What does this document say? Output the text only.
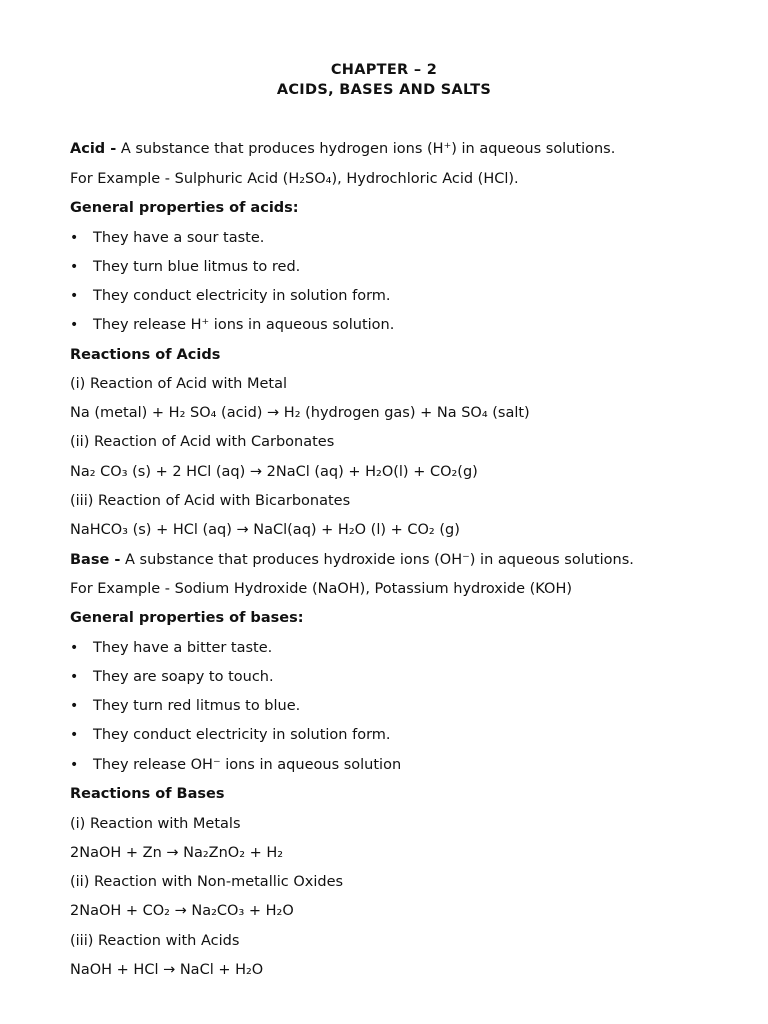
CHAPTER – 2
ACIDS, BASES AND SALTS
Acid - A substance that produces hydrogen ions (H⁺) in aqueous solutions.
For Example - Sulphuric Acid (H₂SO₄), Hydrochloric Acid (HCl).
General properties of acids:
• They have a sour taste.
• They turn blue litmus to red.
• They conduct electricity in solution form.
• They release H⁺ ions in aqueous solution.
Reactions of Acids
(i) Reaction of Acid with Metal
Na (metal) + H₂ SO₄ (acid) → H₂ (hydrogen gas) + Na SO₄ (salt)
(ii) Reaction of Acid with Carbonates
Na₂ CO₃ (s) + 2 HCl (aq) → 2NaCl (aq) + H₂O(l) + CO₂(g)
(iii) Reaction of Acid with Bicarbonates
NaHCO₃ (s) + HCl (aq) → NaCl(aq) + H₂O (l) + CO₂ (g)
Base - A substance that produces hydroxide ions (OH⁻) in aqueous solutions.
For Example - Sodium Hydroxide (NaOH), Potassium hydroxide (KOH)
General properties of bases:
• They have a bitter taste.
• They are soapy to touch.
• They turn red litmus to blue.
• They conduct electricity in solution form.
• They release OH⁻ ions in aqueous solution
Reactions of Bases
(i) Reaction with Metals
2NaOH + Zn → Na₂ZnO₂ + H₂
(ii) Reaction with Non-metallic Oxides
2NaOH + CO₂ → Na₂CO₃ + H₂O
(iii) Reaction with Acids
NaOH + HCl → NaCl + H₂O
